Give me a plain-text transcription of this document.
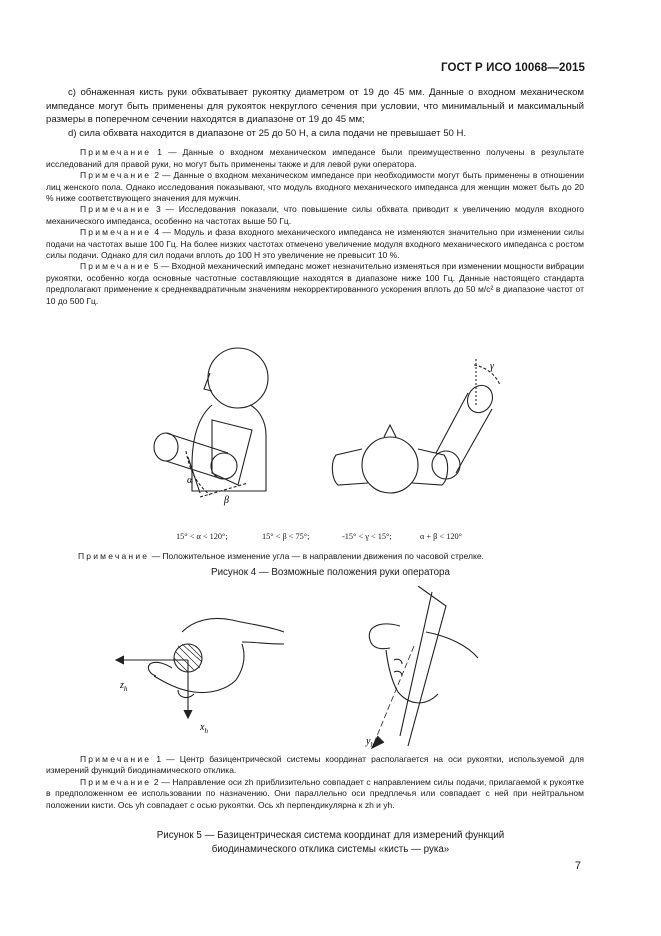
ГОСТ Р ИСО 10068—2015

c) обнаженная кисть руки обхватывает рукоятку диаметром от 19 до 45 мм. Данные о входном механическом импедансе могут быть применены для рукояток некруглого сечения при условии, что минимальный и максимальный размеры в поперечном сечении находятся в диапазоне от 19 до 45 мм;

d) сила обхвата находится в диапазоне от 25 до 50 Н, а сила подачи не превышает 50 Н.

Примечание 1 — Данные о входном механическом импедансе были преимущественно получены в результате исследований для правой руки, но могут быть применены также и для левой руки оператора.

Примечание 2 — Данные о входном механическом импедансе при необходимости могут быть применены в отношении лиц женского пола. Однако исследования показывают, что модуль входного механического импеданса для женщин может быть до 20 % ниже соответствующего значения для мужчин.

Примечание 3 — Исследования показали, что повышение силы обхвата приводит к увеличению модуля входного механического импеданса, особенно на частотах выше 50 Гц.

Примечание 4 — Модуль и фаза входного механического импеданса не изменяются значительно при изменении силы подачи на частотах выше 100 Гц. На более низких частотах отмечено увеличение модуля входного механического импеданса с ростом силы подачи. Однако для сил подачи вплоть до 100 Н это увеличение не превысит 10 %.

Примечание 5 — Входной механический импеданс может незначительно изменяться при изменении мощности вибрации рукоятки, особенно когда основные частотные составляющие находятся в диапазоне ниже 100 Гц. Данные настоящего стандарта предполагают применение к среднеквадратичным значениям некорректированного ускорения вплоть до 50 м/с² в диапазоне частот от 10 до 500 Гц.

α
β
γ
15° < α < 120°;	15° < β < 75°;	-15° < γ < 15°;	α + β < 120°
Примечание — Положительное изменение угла — в направлении движения по часовой стрелке.
Рисунок 4 — Возможные положения руки оператора
$z_h$
$x_h$
$y_h$

Примечание 1 — Центр базицентрической системы координат располагается на оси рукоятки, используемой для измерений функций биодинамического отклика.

Примечание 2 — Направление оси zh приблизительно совпадает с направлением силы подачи, прилагаемой к рукоятке в предположенном ее использовании по назначению. Они параллельно оси предплечья или совпадает с ней при нейтральном положении кисти. Ось yh совпадает с осью рукоятки. Ось xh перпендикулярна к zh и yh.

Рисунок 5 — Базицентрическая система координат для измерений функций
биодинамического отклика системы «кисть — рука»
7
